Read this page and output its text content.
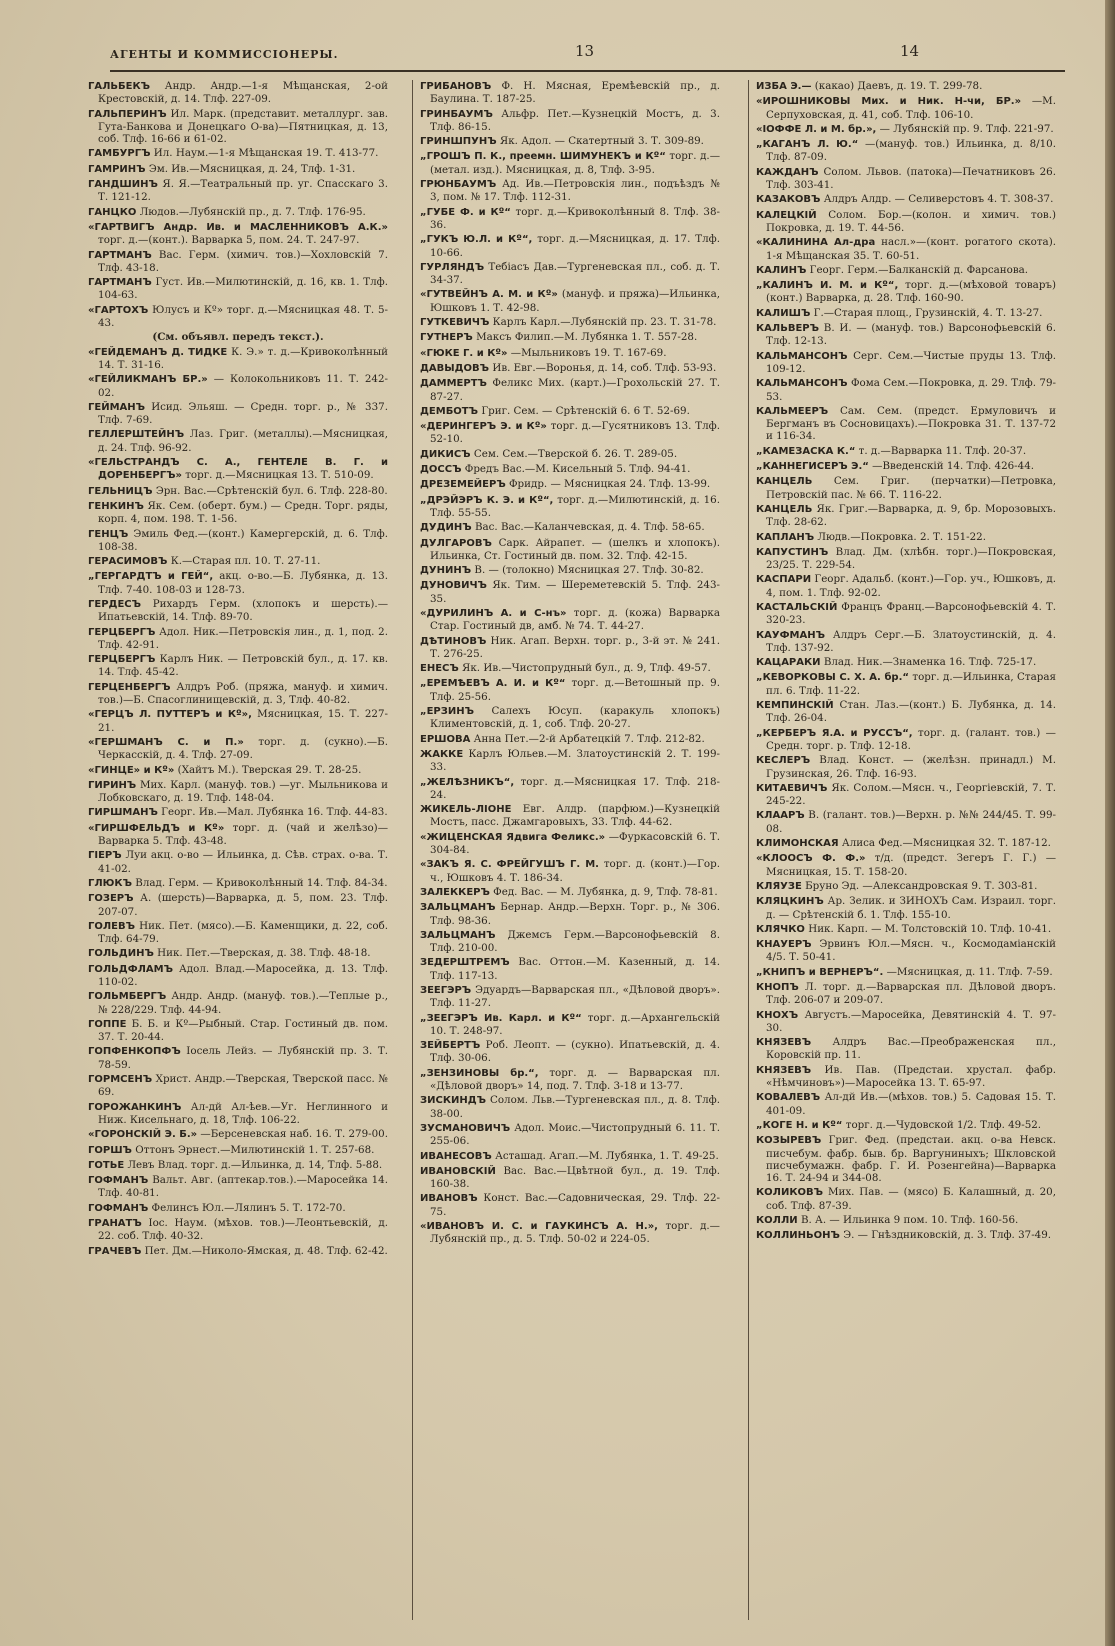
АГЕНТЫ И КОММИССІОНЕРЫ.	13	14

ГАЛЬБЕКЪ Андр. Андр.—1-я Мѣщанская, 2-ой Крестовскій, д. 14. Тлф. 227-09.

ГАЛЬПЕРИНЪ Ил. Марк. (представит. металлург. зав. Гута-Банкова и Донецкаго О-ва)—Пятницкая, д. 13, соб. Тлф. 16-66 и 61-02.

ГАМБУРГЪ Ил. Наум.—1-я Мѣщанская 19. Т. 413-77.

ГАМРИНЪ Эм. Ив.—Мясницкая, д. 24, Тлф. 1-31.

ГАНДШИНЪ Я. Я.—Театральный пр. уг. Спасскаго 3. Т. 121-12.

ГАНЦКО Людов.—Лубянскій пр., д. 7. Тлф. 176-95.

«ГАРТВИГЪ Андр. Ив. и МАСЛЕННИКОВЪ А.К.» торг. д.—(конт.). Варварка 5, пом. 24. Т. 247-97.

ГАРТМАНЪ Вас. Герм. (химич. тов.)—Хохловскій 7. Тлф. 43-18.

ГАРТМАНЪ Густ. Ив.—Милютинскій, д. 16, кв. 1. Тлф. 104-63.

«ГАРТОХЪ Юлусъ и Кº» торг. д.—Мясницкая 48. Т. 5-43.

(См. объявл. передъ текст.).

«ГЕЙДЕМАНЪ Д. ТИДКЕ К. Э.» т. д.—Кривоколѣнный 14. Т. 31-16.

«ГЕЙЛИКМАНЪ БР.» — Колокольниковъ 11. Т. 242-02.

ГЕЙМАНЪ Исид. Эльяш. — Средн. торг. р., № 337. Тлф. 7-69.

ГЕЛЛЕРШТЕЙНЪ Лаз. Григ. (металлы).—Мясницкая, д. 24. Тлф. 96-92.

«ГЕЛЬСТРАНДЪ С. А., ГЕНТЕЛЕ В. Г. и ДОРЕНБЕРГЪ» торг. д.—Мясницкая 13. Т. 510-09.

ГЕЛЬНИЦЪ Эрн. Вас.—Срѣтенскій бул. 6. Тлф. 228-80.

ГЕНКИНЪ Як. Сем. (оберт. бум.) — Средн. Торг. ряды, корп. 4, пом. 198. Т. 1-56.

ГЕНЦЪ Эмиль Фед.—(конт.) Камергерскій, д. 6. Тлф. 108-38.

ГЕРАСИМОВЪ К.—Старая пл. 10. Т. 27-11.

„ГЕРГАРДТЪ и ГЕЙ“, акц. о-во.—Б. Лубянка, д. 13. Тлф. 7-40. 108-03 и 128-73.

ГЕРДЕСЪ Рихардъ Герм. (хлопокъ и шерсть).—Ипатьевскій, 14. Тлф. 89-70.

ГЕРЦБЕРГЪ Адол. Ник.—Петровскія лин., д. 1, под. 2. Тлф. 42-91.

ГЕРЦБЕРГЪ Карлъ Ник. — Петровскій бул., д. 17. кв. 14. Тлф. 45-42.

ГЕРЦЕНБЕРГЪ Алдръ Роб. (пряжа, мануф. и химич. тов.)—Б. Спасоглинищевскій, д. 3, Тлф. 40-82.

«ГЕРЦЪ Л. ПУТТЕРЪ и Кº», Мясницкая, 15. Т. 227-21.

«ГЕРШМАНЪ С. и П.» торг. д. (сукно).—Б. Черкасскій, д. 4. Тлф. 27-09.

«ГИНЦЕ» и Кº» (Хайтъ М.). Тверская 29. Т. 28-25.

ГИРИНЪ Мих. Карл. (мануф. тов.) —уг. Мыльникова и Лобковскаго, д. 19. Тлф. 148-04.

ГИРШМАНЪ Георг. Ив.—Мал. Лубянка 16. Тлф. 44-83.

«ГИРШФЕЛЬДЪ и Кº» торг. д. (чай и желѣзо)—Варварка 5. Тлф. 43-48.

ГІЕРЪ Луи акц. о-во — Ильинка, д. Сѣв. страх. о-ва. Т. 41-02.

ГЛЮКЪ Влад. Герм. — Кривоколѣнный 14. Тлф. 84-34.

ГОЗЕРЪ А. (шерсть)—Варварка, д. 5, пом. 23. Тлф. 207-07.

ГОЛЕВЪ Ник. Пет. (мясо).—Б. Каменщики, д. 22, соб. Тлф. 64-79.

ГОЛЬДИНЪ Ник. Пет.—Тверская, д. 38. Тлф. 48-18.

ГОЛЬДФЛАМЪ Адол. Влад.—Маросейка, д. 13. Тлф. 110-02.

ГОЛЬМБЕРГЪ Андр. Андр. (мануф. тов.).—Теплые р., № 228/229. Тлф. 44-94.

ГОППЕ Б. Б. и Кº—Рыбный. Стар. Гостиный дв. пом. 37. Т. 20-44.

ГОПФЕНКОПФЪ Іосель Лейз. — Лубянскій пр. 3. Т. 78-59.

ГОРМСЕНЪ Христ. Андр.—Тверская, Тверской пасс. № 69.

ГОРОЖАНКИНЪ Ал-дй Ал-ѣев.—Уг. Неглинного и Ниж. Кисельнаго, д. 18, Тлф. 106-22.

«ГОРОНСКІЙ Э. Б.» —Берсеневская наб. 16. Т. 279-00.

ГОРШЪ Оттонъ Эрнест.—Милютинскій 1. Т. 257-68.

ГОТЬЕ Левъ Влад. торг. д.—Ильинка, д. 14, Тлф. 5-88.

ГОФМАНЪ Вальт. Авг. (аптекар.тов.).—Маросейка 14. Тлф. 40-81.

ГОФМАНЪ Фелинсъ Юл.—Лялинъ 5. Т. 172-70.

ГРАНАТЪ Іос. Наум. (мѣхов. тов.)—Леонтьевскій, д. 22. соб. Тлф. 40-32.

ГРАЧЕВЪ Пет. Дм.—Николо-Ямская, д. 48. Тлф. 62-42.

ГРИБАНОВЪ Ф. Н. Мясная, Еремѣевскій пр., д. Баулина. Т. 187-25.

ГРИНБАУМЪ Альфр. Пет.—Кузнецкій Мостъ, д. 3. Тлф. 86-15.

ГРИНШПУНЪ Як. Адол. — Скатертный 3. Т. 309-89.

„ГРОШЪ П. К., преемн. ШИМУНЕКЪ и Кº“ торг. д.—(метал. изд.). Мясницкая, д. 8, Тлф. 3-95.

ГРЮНБАУМЪ Ад. Ив.—Петровскія лин., подъѣздъ № 3, пом. № 17. Тлф. 112-31.

„ГУБЕ Ф. и Кº“ торг. д.—Кривоколѣнный 8. Тлф. 38-36.

„ГУКЪ Ю.Л. и Кº“, торг. д.—Мясницкая, д. 17. Тлф. 10-66.

ГУРЛЯНДЪ Тебiасъ Дав.—Тургеневская пл., соб. д. Т. 34-37.

«ГУТВЕЙНЪ А. М. и Кº» (мануф. и пряжа)—Ильинка, Юшковъ 1. Т. 42-98.

ГУТКЕВИЧЪ Карлъ Карл.—Лубянскій пр. 23. Т. 31-78.

ГУТНЕРЪ Максъ Филип.—М. Лубянка 1. Т. 557-28.

«ГЮКЕ Г. и Кº» —Мыльниковъ 19. Т. 167-69.

ДАВЫДОВЪ Ив. Евг.—Воронья, д. 14, соб. Тлф. 53-93.

ДАММЕРТЪ Феликс Мих. (карт.)—Грохольскій 27. Т. 87-27.

ДЕМБОТЪ Григ. Сем. — Срѣтенскій 6. 6 Т. 52-69.

«ДЕРИНГЕРЪ Э. и Кº» торг. д.—Гусятниковъ 13. Тлф. 52-10.

ДИКИСЪ Сем. Сем.—Тверской б. 26. Т. 289-05.

ДОССЪ Фредъ Вас.—М. Кисельный 5. Тлф. 94-41.

ДРЕЗЕМЕЙЕРЪ Фридр. — Мясницкая 24. Тлф. 13-99.

„ДРЭЙЭРЪ К. Э. и Кº“, торг. д.—Милютинскій, д. 16. Тлф. 55-55.

ДУДИНЪ Вас. Вас.—Каланчевская, д. 4. Тлф. 58-65.

ДУЛГАРОВЪ Сарк. Айрапет. — (шелкъ и хлопокъ). Ильинка, Ст. Гостиный дв. пом. 32. Тлф. 42-15.

ДУНИНЪ В. — (толокно) Мясницкая 27. Тлф. 30-82.

ДУНОВИЧЪ Як. Тим. — Шереметевскій 5. Тлф. 243-35.

«ДУРИЛИНЪ А. и С-нъ» торг. д. (кожа) Варварка Стар. Гостиный дв, амб. № 74. Т. 44-27.

ДѢТИНОВЪ Ник. Агап. Верхн. торг. р., 3-й эт. № 241. Т. 276-25.

ЕНЕСЪ Як. Ив.—Чистопрудный бул., д. 9, Тлф. 49-57.

„ЕРЕМѢЕВЪ А. И. и Кº“ торг. д.—Ветошный пр. 9. Тлф. 25-56.

„ЕРЗИНЪ Салехъ Юсуп. (каракуль хлопокъ) Климентовскій, д. 1, соб. Тлф. 20-27.

ЕРШОВА Анна Пет.—2-й Арбатецкій 7. Тлф. 212-82.

ЖАККЕ Карлъ Юльев.—М. Златоустинскій 2. Т. 199-33.

„ЖЕЛѢЗНИКЪ“, торг. д.—Мясницкая 17. Тлф. 218-24.

ЖИКЕЛЬ-ЛІОНЕ Евг. Алдр. (парфюм.)—Кузнецкій Мостъ, пасс. Джамгаровыхъ, 33. Тлф. 44-62.

«ЖИЦЕНСКАЯ Ядвига Феликс.» —Фуркасовскій 6. Т. 304-84.

«ЗАКЪ Я. С. ФРЕЙГУШЪ Г. М. торг. д. (конт.)—Гор. ч., Юшковъ 4. Т. 186-34.

ЗАЛЕККЕРЪ Фед. Вас. — М. Лубянка, д. 9, Тлф. 78-81.

ЗАЛЬЦМАНЪ Бернар. Андр.—Верхн. Торг. р., № 306. Тлф. 98-36.

ЗАЛЬЦМАНЪ Джемсъ Герм.—Варсонофьевскій 8. Тлф. 210-00.

ЗЕДЕРШТРЕМЪ Вас. Оттон.—М. Казенный, д. 14. Тлф. 117-13.

ЗЕЕГЭРЪ Эдуардъ—Варварская пл., «Дѣловой дворъ». Тлф. 11-27.

„ЗЕЕГЭРЪ Ив. Карл. и Кº“ торг. д.—Архангельскій 10. Т. 248-97.

ЗЕЙБЕРТЪ Роб. Леопт. — (сукно). Ипатьевскій, д. 4. Тлф. 30-06.

„ЗЕНЗИНОВЫ бр.“, торг. д. — Варварская пл. «Дѣловой дворъ» 14, под. 7. Тлф. 3-18 и 13-77.

ЗИСКИНДЪ Солом. Льв.—Тургеневская пл., д. 8. Тлф. 38-00.

ЗУСМАНОВИЧЪ Адол. Моис.—Чистопрудный 6. 11. Т. 255-06.

ИВАНЕСОВЪ Асташад. Агап.—М. Лубянка, 1. Т. 49-25.

ИВАНОВСКІЙ Вас. Вас.—Цвѣтной бул., д. 19. Тлф. 160-38.

ИВАНОВЪ Конст. Вас.—Садовническая, 29. Тлф. 22-75.

«ИВАНОВЪ И. С. и ГАУКИНСЪ А. Н.», торг. д.—Лубянскій пр., д. 5. Тлф. 50-02 и 224-05.

ИЗБА Э.— (какао) Даевъ, д. 19. Т. 299-78.

«ИРОШНИКОВЫ Мих. и Ник. Н-чи, БР.» —М. Серпуховская, д. 41, соб. Тлф. 106-10.

«ІОФФЕ Л. и М. бр.», — Лубянскій пр. 9. Тлф. 221-97.

„КАГАНЪ Л. Ю.“ —(мануф. тов.) Ильинка, д. 8/10. Тлф. 87-09.

КАЖДАНЪ Солом. Львов. (патока)—Печатниковъ 26. Тлф. 303-41.

КАЗАКОВЪ Алдръ Алдр. — Селиверстовъ 4. Т. 308-37.

КАЛЕЦКІЙ Солом. Бор.—(колон. и химич. тов.) Покровка, д. 19. Т. 44-56.

«КАЛИНИНА Ал-дра насл.»—(конт. рогатого скота). 1-я Мѣщанская 35. Т. 60-51.

КАЛИНЪ Георг. Герм.—Балканскій д. Фарсанова.

„КАЛИНЪ И. М. и Кº“, торг. д.—(мѣховой товаръ) (конт.) Варварка, д. 28. Тлф. 160-90.

КАЛИШЪ Г.—Старая площ., Грузинскій, 4. Т. 13-27.

КАЛЬВЕРЪ В. И. — (мануф. тов.) Варсонофьевскій 6. Тлф. 12-13.

КАЛЬМАНСОНЪ Серг. Сем.—Чистые пруды 13. Тлф. 109-12.

КАЛЬМАНСОНЪ Фома Сем.—Покровка, д. 29. Тлф. 79-53.

КАЛЬМЕЕРЪ Сам. Сем. (предст. Ермуловичъ и Бергманъ въ Сосновицахъ).—Покровка 31. Т. 137-72 и 116-34.

„КАМЕЗАСКА К.“ т. д.—Варварка 11. Тлф. 20-37.

„КАННЕГИСЕРЪ Э.“ —Введенскій 14. Тлф. 426-44.

КАНЦЕЛЬ Сем. Григ. (перчатки)—Петровка, Петровскій пас. № 66. Т. 116-22.

КАНЦЕЛЬ Як. Григ.—Варварка, д. 9, бр. Морозовыхъ. Тлф. 28-62.

КАПЛАНЪ Людв.—Покровка. 2. Т. 151-22.

КАПУСТИНЪ Влад. Дм. (хлѣбн. торг.)—Покровская, 23/25. Т. 229-54.

КАСПАРИ Георг. Адальб. (конт.)—Гор. уч., Юшковъ, д. 4, пом. 1. Тлф. 92-02.

КАСТАЛЬСКІЙ Францъ Франц.—Варсонофьевскій 4. Т. 320-23.

КАУФМАНЪ Алдръ Серг.—Б. Златоустинскій, д. 4. Тлф. 137-92.

КАЦАРАКИ Влад. Ник.—Знаменка 16. Тлф. 725-17.

„КЕВОРКОВЫ С. Х. А. бр.“ торг. д.—Ильинка, Старая пл. 6. Тлф. 11-22.

КЕМПИНСКІЙ Стан. Лаз.—(конт.) Б. Лубянка, д. 14. Тлф. 26-04.

„КЕРБЕРЪ Я.А. и РУССЪ“, торг. д. (галант. тов.) — Средн. торг. р. Тлф. 12-18.

КЕСЛЕРЪ Влад. Конст. — (желѣзн. принадл.) М. Грузинская, 26. Тлф. 16-93.

КИТАЕВИЧЪ Як. Солом.—Мясн. ч., Георгіевскій, 7. Т. 245-22.

КЛААРЪ В. (галант. тов.)—Верхн. р. №№ 244/45. Т. 99-08.

КЛИМОНСКАЯ Алиса Фед.—Мясницкая 32. Т. 187-12.

«КЛООСЪ Ф. Ф.» т/д. (предст. Зегеръ Г. Г.) —Мясницкая, 15. Т. 158-20.

КЛЯУЗЕ Бруно Эд. —Александровская 9. Т. 303-81.

КЛЯЦКИНЪ Ар. Зелик. и ЗИНОХЪ Сам. Израил. торг. д. — Срѣтенскій б. 1. Тлф. 155-10.

КЛЯЧКО Ник. Карп. — М. Толстовскій 10. Тлф. 10-41.

КНАУЕРЪ Эрвинъ Юл.—Мясн. ч., Космодаміанскій 4/5. Т. 50-41.

„КНИПЪ и ВЕРНЕРЪ“. —Мясницкая, д. 11. Тлф. 7-59.

КНОПЪ Л. торг. д.—Варварская пл. Дѣловой дворъ. Тлф. 206-07 и 209-07.

КНОХЪ Августъ.—Маросейка, Девятинскій 4. Т. 97-30.

КНЯЗЕВЪ Алдръ Вас.—Преображенская пл., Коровскій пр. 11.

КНЯЗЕВЪ Ив. Пав. (Предстаи. хрустал. фабр. «Нѣмчиновъ»)—Маросейка 13. Т. 65-97.

КОВАЛЕВЪ Ал-дй Ив.—(мѣхов. тов.) 5. Садовая 15. Т. 401-09.

„КОГЕ Н. и Кº“ торг. д.—Чудовской 1/2. Тлф. 49-52.

КОЗЫРЕВЪ Григ. Фед. (предстаи. акц. о-ва Невск. писчебум. фабр. быв. бр. Варгуниныхъ; Шкловской писчебумажн. фабр. Г. И. Розенгейна)—Варварка 16. Т. 24-94 и 344-08.

КОЛИКОВЪ Мих. Пав. — (мясо) Б. Калашный, д. 20, соб. Тлф. 87-39.

КОЛЛИ В. А. — Ильинка 9 пом. 10. Тлф. 160-56.

КОЛЛИНЬОНЪ Э. — Гнѣздниковскій, д. 3. Тлф. 37-49.
